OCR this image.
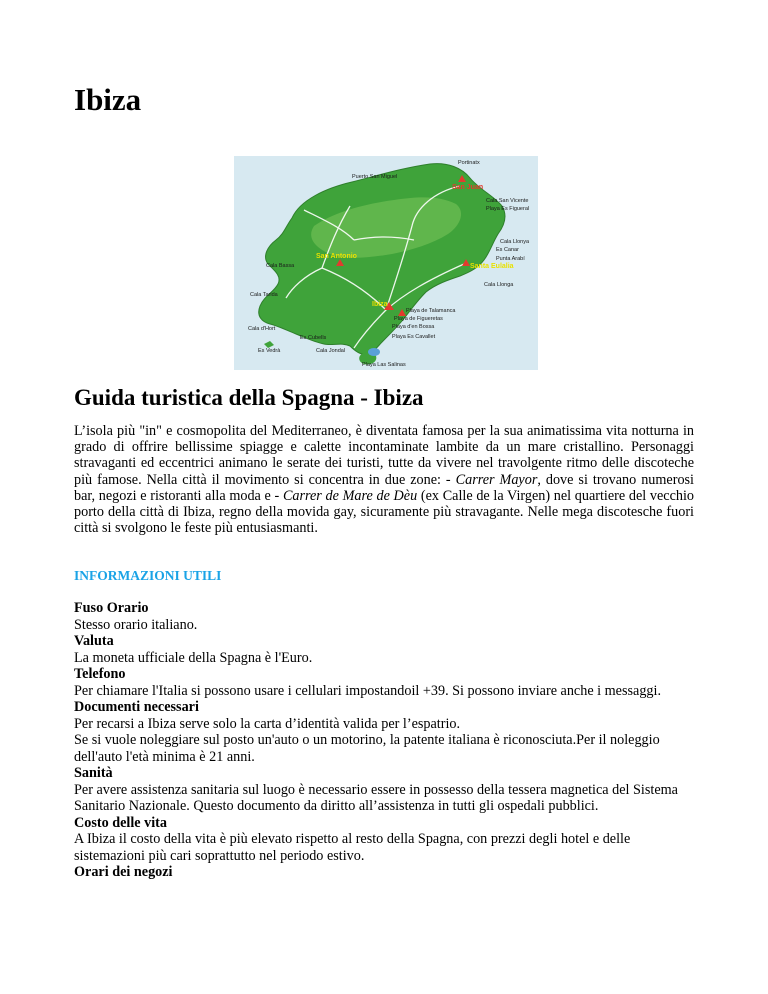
Ibiza
Portinatx
Puerto San Miguel
San Juan
Cala San Vicente
Playa Es Figueral
Cala Llonya
Es Canar
Punta Arabí
Santa Eulalia
Cala Llonga
San Antonio
Cala Bassa
Cala Tarida
Cala d'Hort
Ibiza
Playa de Talamanca
Playa de Figueretas
Playa d'en Bossa
Playa Es Cavallet
Es Cubells
Cala Jondal
Playa Las Salinas
Es Vedrà
Guida turistica della Spagna - Ibiza

L’isola più "in" e cosmopolita del Mediterraneo, è diventata famosa per la sua animatissima vita notturna in grado di offrire bellissime spiagge e calette incontaminate lambite da un mare cristallino. Personaggi stravaganti ed eccentrici animano le serate dei turisti, tutte da vivere nel travolgente ritmo delle discoteche più famose. Nella città il movimento si concentra in due zone: - Carrer Mayor, dove si trovano numerosi bar, negozi e ristoranti alla moda e - Carrer de Mare de Dèu (ex Calle de la Virgen) nel quartiere del vecchio porto della città di Ibiza, regno della movida gay, sicuramente più stravagante. Nelle mega discotesche fuori città si svolgono le feste più entusiasmanti.

INFORMAZIONI UTILI
Fuso Orario
Stesso orario italiano.
Valuta
La moneta ufficiale della Spagna è l'Euro.
Telefono
Per chiamare l'Italia si possono usare i cellulari impostandoil +39. Si possono inviare anche i messaggi.
Documenti necessari
Per recarsi a Ibiza serve solo la carta d’identità valida per l’espatrio.
Se si vuole noleggiare sul posto un'auto o un motorino, la patente italiana è riconosciuta.Per il noleggio dell'auto l'età minima è 21 anni.
Sanità
Per avere assistenza sanitaria sul luogo è necessario essere in possesso della tessera magnetica del Sistema Sanitario Nazionale. Questo documento da diritto all’assistenza in tutti gli ospedali pubblici.
Costo delle vita
A Ibiza il costo della vita è più elevato rispetto al resto della Spagna, con prezzi degli hotel e delle sistemazioni più cari soprattutto nel periodo estivo.
Orari dei negozi
